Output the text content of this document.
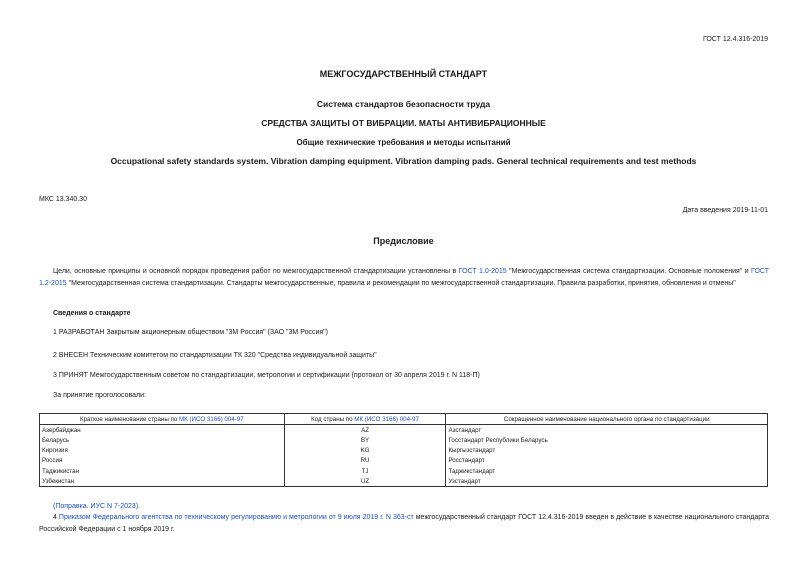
ГОСТ 12.4.316-2019
МЕЖГОСУДАРСТВЕННЫЙ СТАНДАРТ
Система стандартов безопасности труда
СРЕДСТВА ЗАЩИТЫ ОТ ВИБРАЦИИ. МАТЫ АНТИВИБРАЦИОННЫЕ
Общие технические требования и методы испытаний
Occupational safety standards system. Vibration damping equipment. Vibration damping pads. General technical requirements and test methods
МКС 13.340.30
Дата введения 2019-11-01
Предисловие
Цели, основные принципы и основной порядок проведения работ по межгосударственной стандартизации установлены в ГОСТ 1.0-2015 "Межгосударственная система стандартизации. Основные положения" и ГОСТ 1.2-2015 "Межгосударственная система стандартизации. Стандарты межгосударственные, правила и рекомендации по межгосударственной стандартизации. Правила разработки, принятия, обновления и отмены"
Сведения о стандарте
1 РАЗРАБОТАН Закрытым акционерным обществом "3М Россия" (ЗАО "3М Россия")
2 ВНЕСЕН Техническим комитетом по стандартизации ТК 320 "Средства индивидуальной защиты"
3 ПРИНЯТ Межгосударственным советом по стандартизации, метрологии и сертификации (протокол от 30 апреля 2019 г. N 118-П)
За принятие проголосовали:
Краткое наименование страны по МК (ИСО 3166) 004-97	Код страны по МК (ИСО 3166) 004-97	Сокращенное наименование национального органа по стандартизации
Азербайджан	AZ	Азстандарт
Беларусь	BY	Госстандарт Республики Беларусь
Киргизия	KG	Кыргызстандарт
Россия	RU	Росстандарт
Таджикистан	TJ	Таджикстандарт
Узбекистан	UZ	Узстандарт
(Поправка. ИУС N 7-2023).
4 Приказом Федерального агентства по техническому регулированию и метрологии от 9 июля 2019 г. N 363-ст межгосударственный стандарт ГОСТ 12.4.316-2019 введен в действие в качестве национального стандарта Российской Федерации с 1 ноября 2019 г.
